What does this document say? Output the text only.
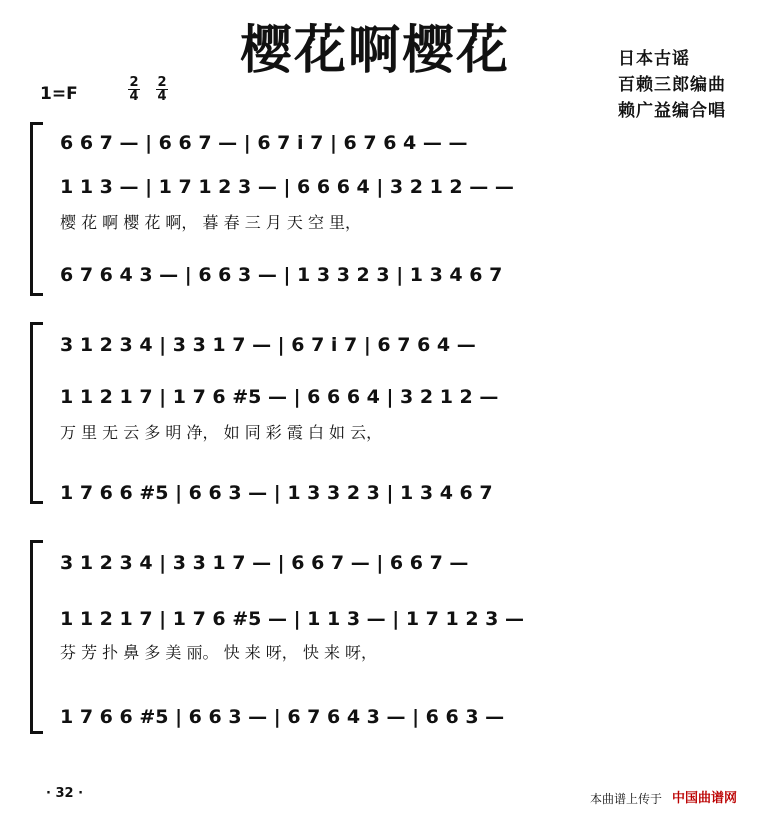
樱花啊樱花	日本古谣
百赖三郎编曲
赖广益编合唱
1=F	$\frac{2}{4} \frac{2}{4}$
6 6 7 — | 6 6 7 — | 6 7 i 7 | 6 7 6 4 — —
1 1 3 — | 1 7 1 2 3 — | 6 6 6 4 | 3 2 1 2 — —
樱 花 啊 樱 花 啊， 暮 春 三 月 天 空 里，
6 7 6 4 3 — | 6 6 3 — | 1 3 3 2 3 | 1 3 4 6 7
3 1 2 3 4 | 3 3 1 7 — | 6 7 i 7 | 6 7 6 4 —
1 1 2 1 7 | 1 7 6 #5 — | 6 6 6 4 | 3 2 1 2 —
万 里 无 云 多 明 净， 如 同 彩 霞 白 如 云，
1 7 6 6 #5 | 6 6 3 — | 1 3 3 2 3 | 1 3 4 6 7
3 1 2 3 4 | 3 3 1 7 — | 6 6 7 — | 6 6 7 —
1 1 2 1 7 | 1 7 6 #5 — | 1 1 3 — | 1 7 1 2 3 —
芬 芳 扑 鼻 多 美 丽。 快 来 呀， 快 来 呀，
1 7 6 6 #5 | 6 6 3 — | 6 7 6 4 3 — | 6 6 3 —
· 32 ·	本曲谱上传于 中国曲谱网
